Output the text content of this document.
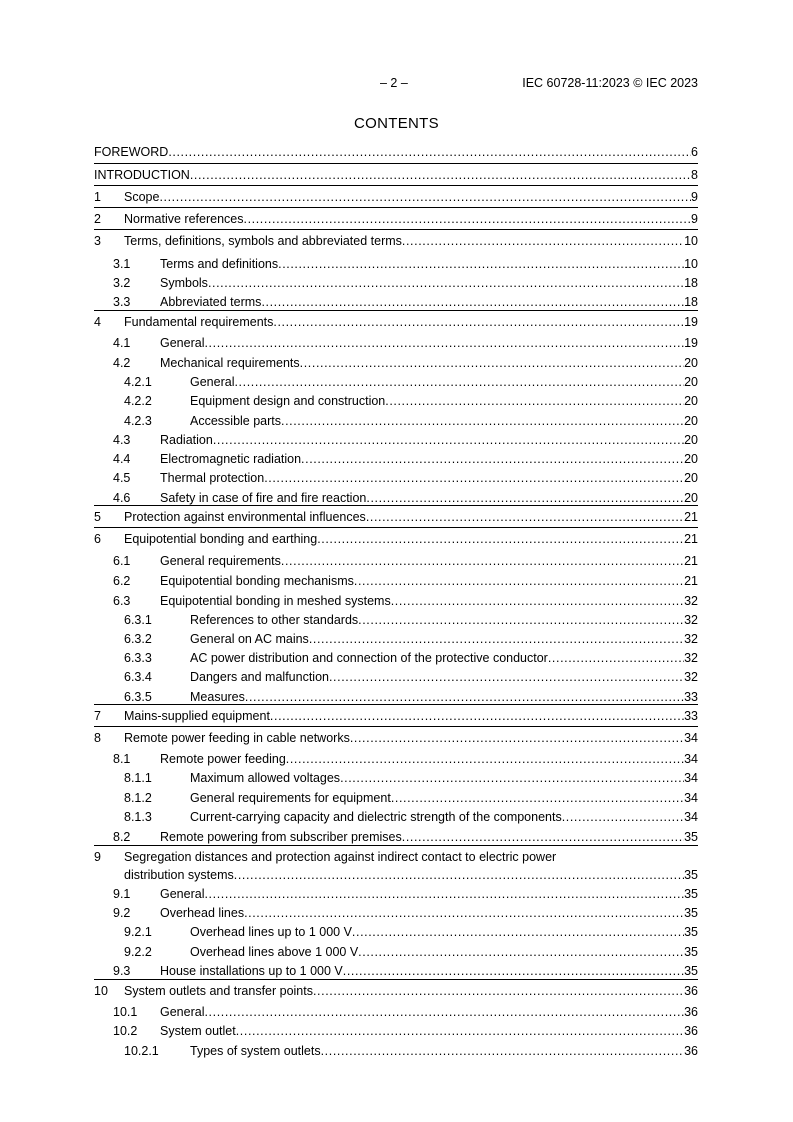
– 2 –	IEC 60728-11:2023 © IEC 2023
CONTENTS
FOREWORD .....	6
INTRODUCTION .....	8
1 Scope .....	9
2 Normative references .....	9
3 Terms, definitions, symbols and abbreviated terms .....	10
3.1 Terms and definitions .....	10
3.2 Symbols .....	18
3.3 Abbreviated terms .....	18
4 Fundamental requirements .....	19
4.1 General .....	19
4.2 Mechanical requirements .....	20
4.2.1	General .....	20
4.2.2	Equipment design and construction .....	20
4.2.3	Accessible parts .....	20
4.3 Radiation .....	20
4.4 Electromagnetic radiation .....	20
4.5 Thermal protection .....	20
4.6 Safety in case of fire and fire reaction .....	20
5 Protection against environmental influences .....	21
6 Equipotential bonding and earthing .....	21
6.1 General requirements .....	21
6.2 Equipotential bonding mechanisms .....	21
6.3 Equipotential bonding in meshed systems .....	32
6.3.1	References to other standards .....	32
6.3.2	General on AC mains .....	32
6.3.3	AC power distribution and connection of the protective conductor .....	32
6.3.4	Dangers and malfunction .....	32
6.3.5	Measures .....	33
7 Mains-supplied equipment .....	33
8 Remote power feeding in cable networks .....	34
8.1 Remote power feeding .....	34
8.1.1	Maximum allowed voltages .....	34
8.1.2	General requirements for equipment .....	34
8.1.3	Current-carrying capacity and dielectric strength of the components .....	34
8.2 Remote powering from subscriber premises .....	35
9 Segregation distances and protection against indirect contact to electric power
distribution systems .....	35
9.1 General .....	35
9.2 Overhead lines .....	35
9.2.1	Overhead lines up to 1 000 V .....	35
9.2.2	Overhead lines above 1 000 V .....	35
9.3 House installations up to 1 000 V .....	35
10 System outlets and transfer points .....	36
10.1 General .....	36
10.2 System outlet .....	36
10.2.1 Types of system outlets .....	36
